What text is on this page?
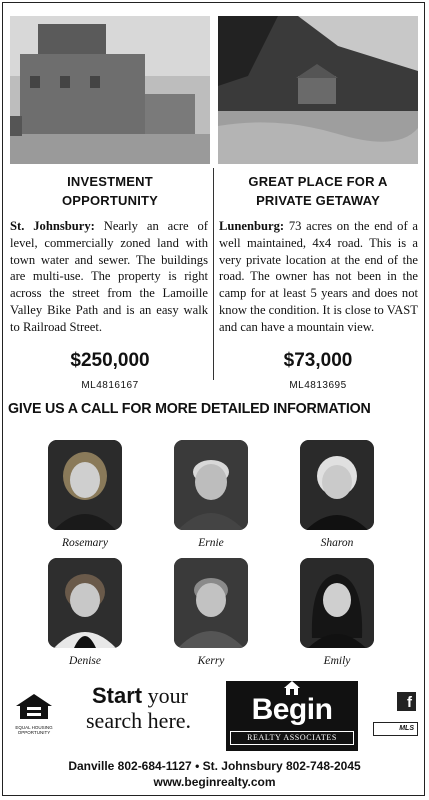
INVESTMENT
OPPORTUNITY

St. Johnsbury: Nearly an acre of level, commercially zoned land with town water and sewer. The buildings are multi-use. The property is right across the street from the Lamoille Valley Bike Path and is an easy walk to Railroad Street.

$250,000
ML4816167
GREAT PLACE FOR A
PRIVATE GETAWAY

Lunenburg: 73 acres on the end of a well maintained, 4x4 road. This is a very private location at the end of the road. The owner has not been in the camp for at least 5 years and does not know the condition. It is close to VAST and can have a mountain view.

$73,000
ML4813695
GIVE US A CALL FOR MORE DETAILED INFORMATION
Rosemary	Ernie	Sharon
Denise	Kerry	Emily
EQUAL HOUSING
OPPORTUNITY
Start your
search here.	Begin
REALTY ASSOCIATES
f
MLS
Danville 802-684-1127 • St. Johnsbury 802-748-2045
www.beginrealty.com
